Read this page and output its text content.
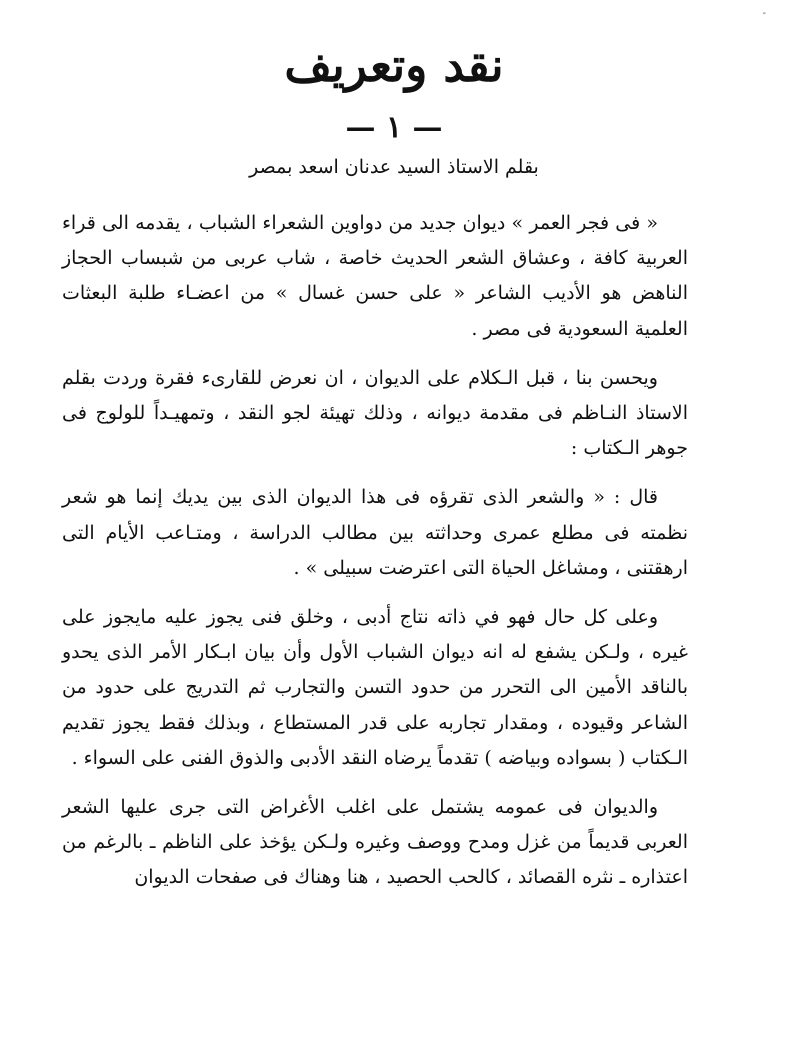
-
نقد وتعريف
— ١ —
بقلم الاستاذ السيد عدنان اسعد بمصر

« فى فجر العمر » ديوان جديد من دواوين الشعراء الشباب ، يقدمه الى قراء العربية كافة ، وعشاق الشعر الحديث خاصة ، شاب عربى من شبساب الحجاز الناهض هو الأديب الشاعر « على حسن غسال » من اعضـاء طلبة البعثات العلمية السعودية فى مصر .

ويحسن بنا ، قبل الـكلام على الديوان ، ان نعرض للقارىء فقرة وردت بقلم الاستاذ النـاظم فى مقدمة ديوانه ، وذلك تهيئة لجو النقد ، وتمهيـداً للولوج فى جوهر الـكتاب :

قال : « والشعر الذى تقرؤه فى هذا الديوان الذى بين يديك إنما هو شعر نظمته فى مطلع عمرى وحداثته بين مطالب الدراسة ، ومتـاعب الأيام التى ارهقتنى ، ومشاغل الحياة التى اعترضت سبيلى » .

وعلى كل حال فهو في ذاته نتاج أدبى ، وخلق فنى يجوز عليه مايجوز على غيره ، ولـكن يشفع له انه ديوان الشباب الأول وأن بيان ابـكار الأمر الذى يحدو بالناقد الأمين الى التحرر من حدود التسن والتجارب ثم التدريج على حدود من الشاعر وقيوده ، ومقدار تجاربه على قدر المستطاع ، وبذلك فقط يجوز تقديم الـكتاب ( بسواده وبياضه ) تقدماً يرضاه النقد الأدبى والذوق الفنى على السواء .

والديوان فى عمومه يشتمل على اغلب الأغراض التى جرى عليها الشعر العربى قديماً من غزل ومدح ووصف وغيره ولـكن يؤخذ على الناظم ـ بالرغم من اعتذاره ـ نثره القصائد ، كالحب الحصيد ، هنا وهناك فى صفحات الديوان
